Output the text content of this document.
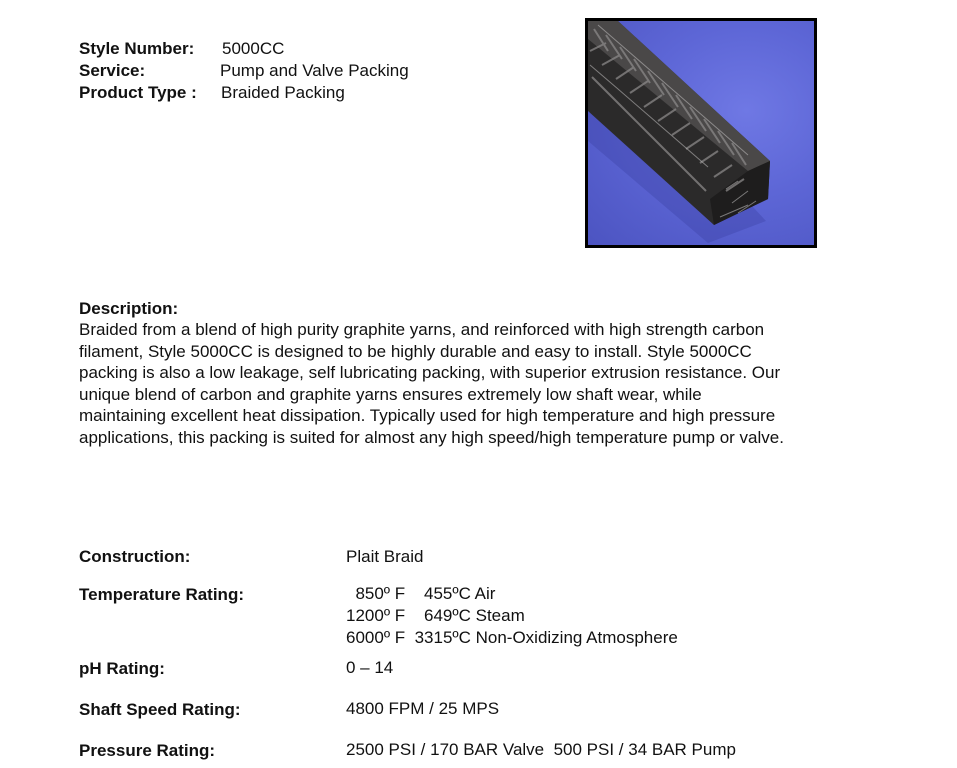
Style Number: 5000CC
Service:	Pump and Valve Packing
Product Type : Braided Packing
Description:
Braided from a blend of high purity graphite yarns, and reinforced with high strength carbon
filament, Style 5000CC is designed to be highly durable and easy to install. Style 5000CC
packing is also a low leakage, self lubricating packing, with superior extrusion resistance. Our
unique blend of carbon and graphite yarns ensures extremely low shaft wear, while
maintaining excellent heat dissipation. Typically used for high temperature and high pressure
applications, this packing is suited for almost any high speed/high temperature pump or valve.
Construction:	Plait Braid
Temperature Rating:	850º F    455ºC Air
1200º F    649ºC Steam
6000º F  3315ºC Non-Oxidizing Atmosphere
pH Rating:	0 – 14
Shaft Speed Rating:	4800 FPM / 25 MPS
Pressure Rating:	2500 PSI / 170 BAR Valve  500 PSI / 34 BAR Pump
